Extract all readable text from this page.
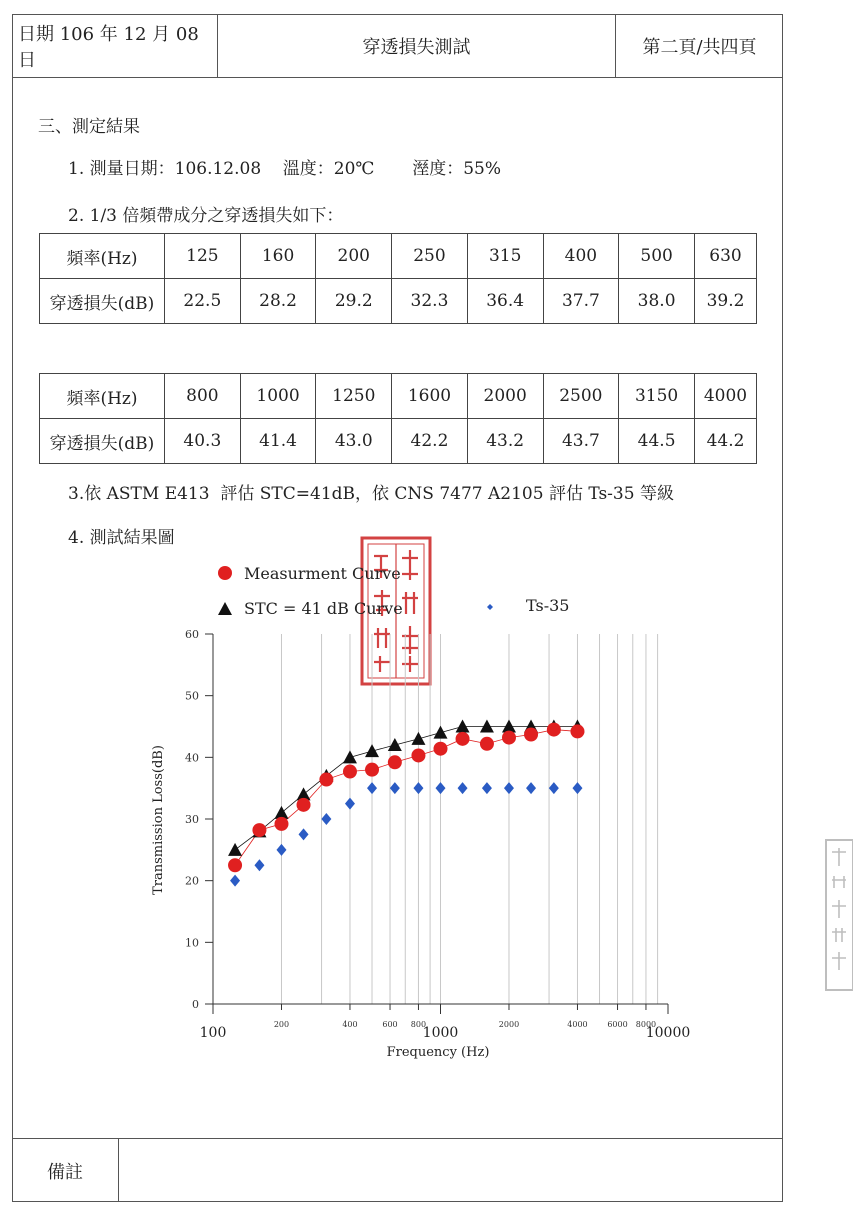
日期 106 年 12 月 08 日
穿透損失測試	第二頁/共四頁
三、測定結果
1. 測量日期：106.12.08    溫度：20℃       溼度：55%
2. 1/3 倍頻帶成分之穿透損失如下：
頻率(Hz)	125	160	200	250	315	400	500	630
穿透損失(dB)	22.5	28.2	29.2	32.3	36.4	37.7	38.0	39.2
頻率(Hz)	800	1000	1250	1600	2000	2500	3150	4000
穿透損失(dB)	40.3	41.4	43.0	42.2	43.2	43.7	44.5	44.2
3.依 ASTM E413  評估 STC=41dB，依 CNS 7477 A2105 評估 Ts-35 等級
4. 測試結果圖
0
10
20
30
40
50
60
100	1000	10000
200	400	600 800	2000	4000 6000 8000
Frequency (Hz)
Transmission Loss(dB)
Measurment Curve
STC = 41 dB Curve	Ts-35
備註
